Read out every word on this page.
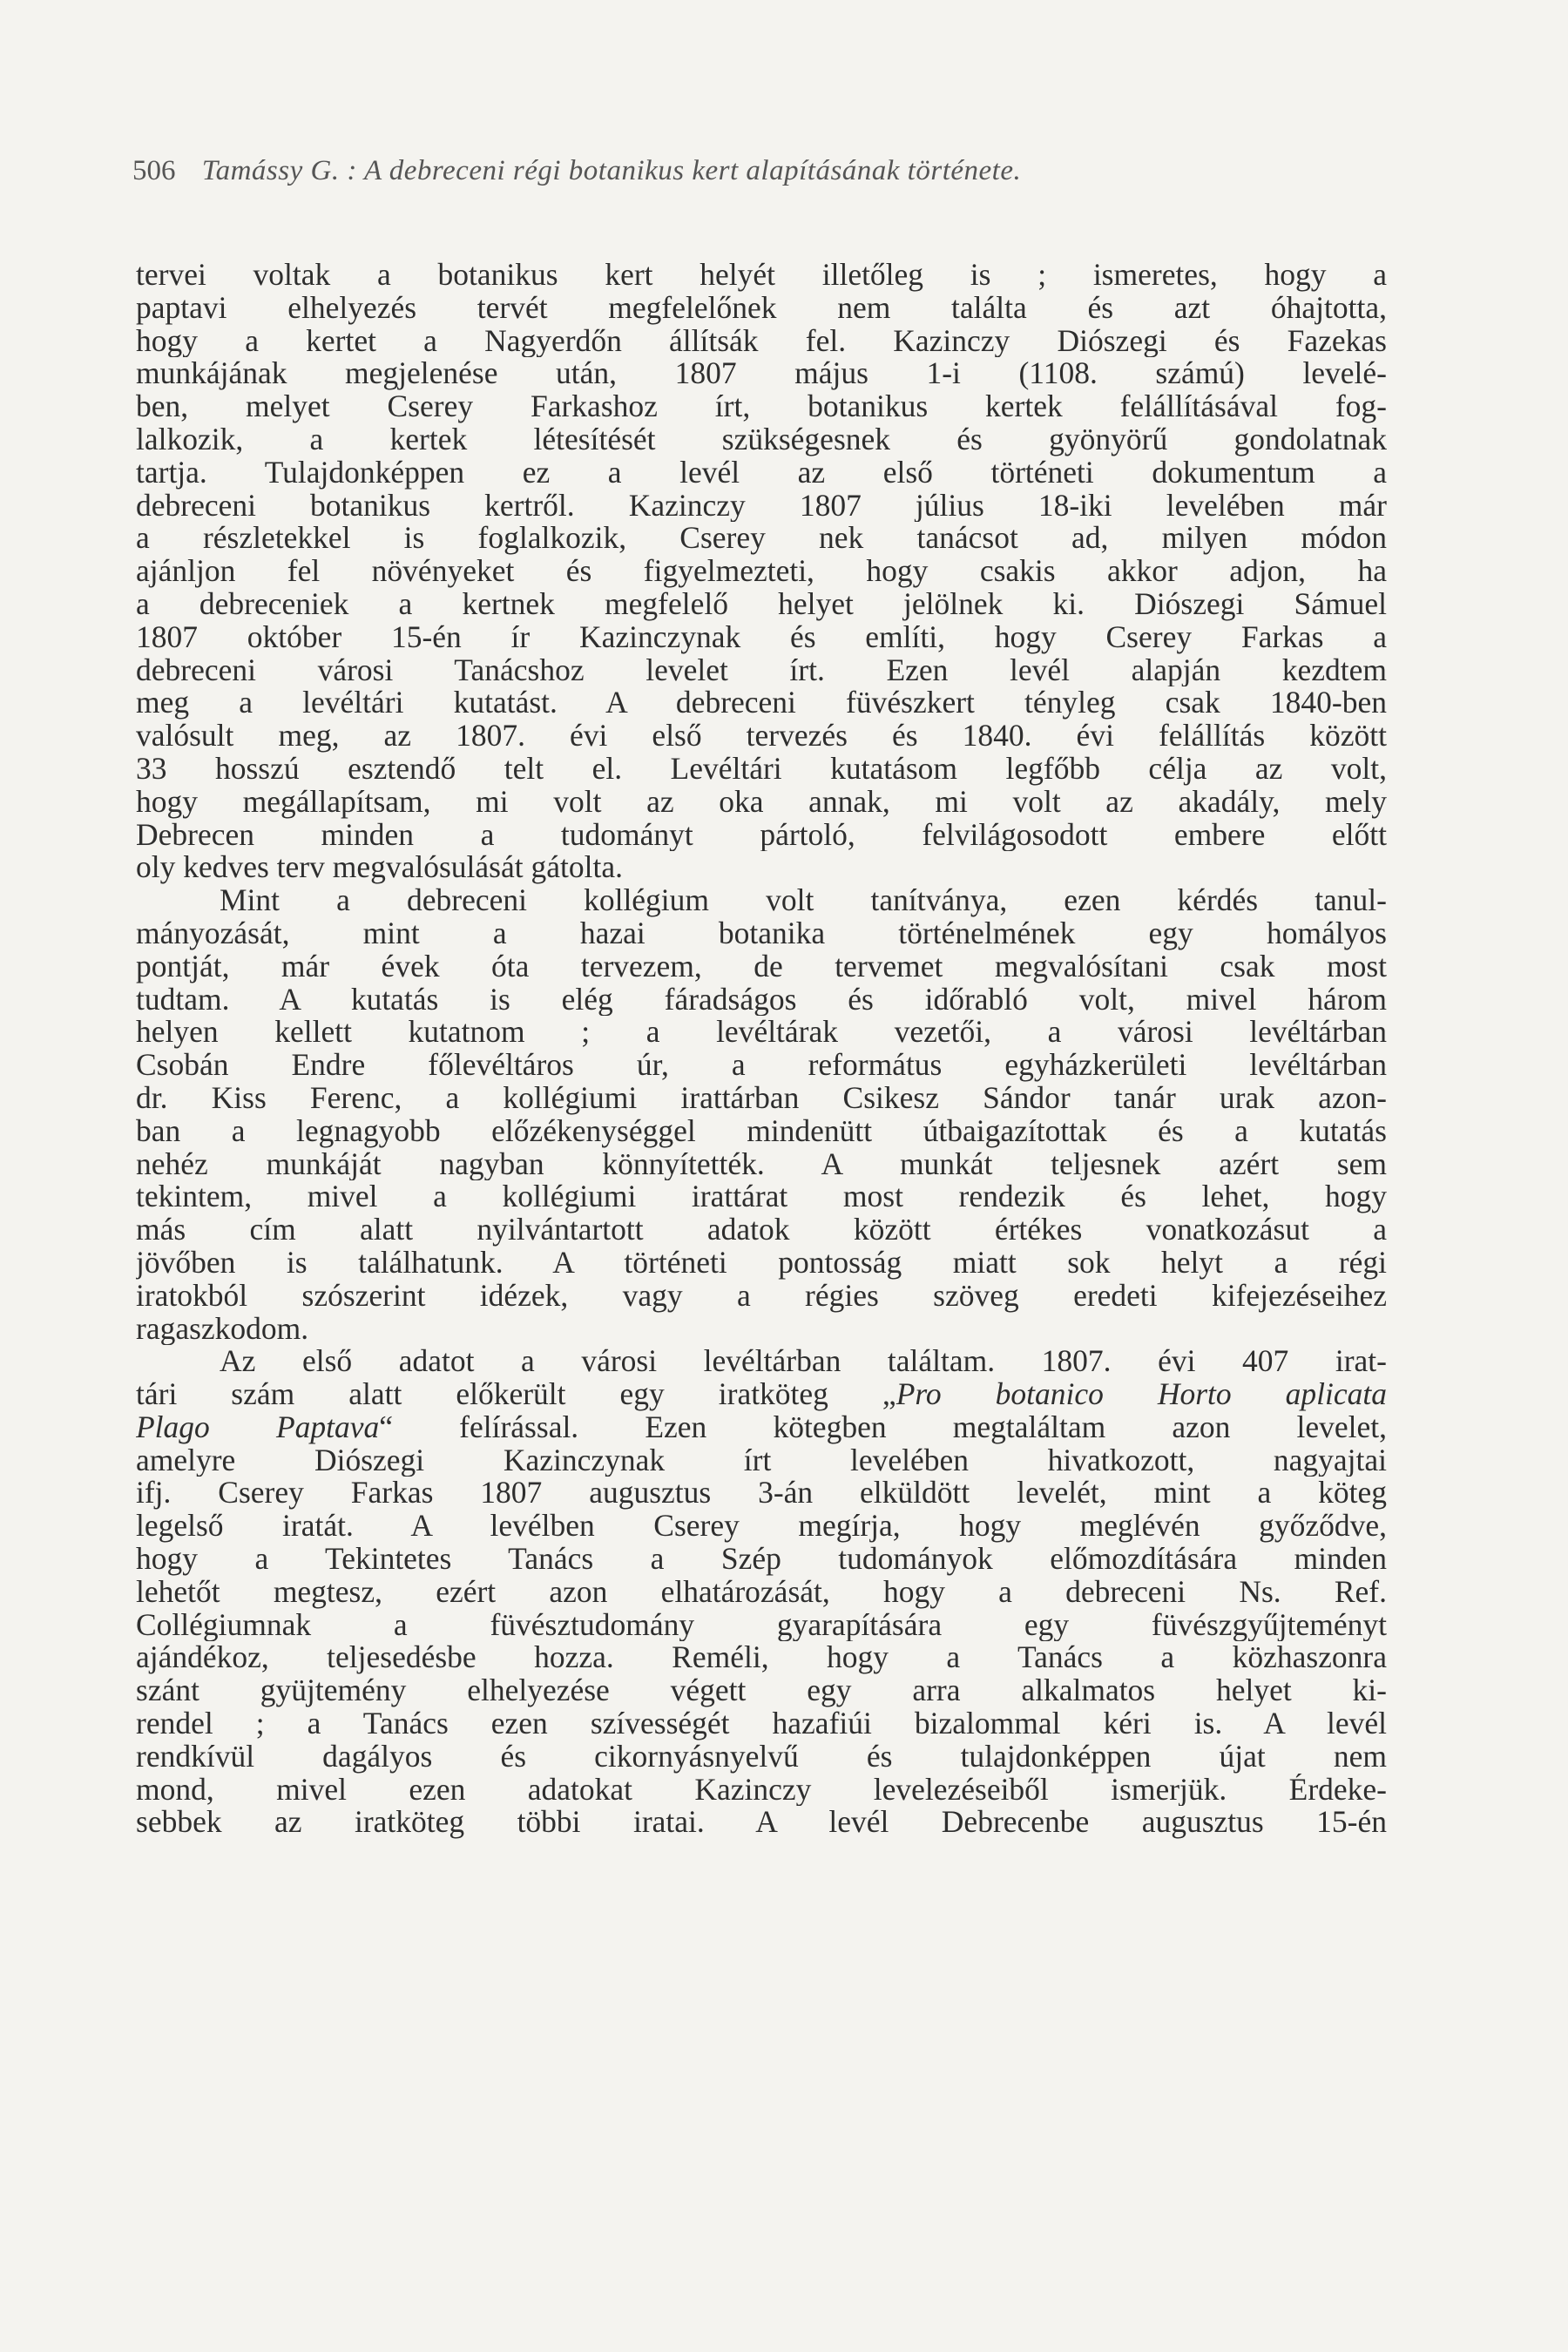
506 Tamássy G. : A debreceni régi botanikus kert alapításának története.
tervei voltak a botanikus kert helyét illetőleg is ; ismeretes, hogy a
paptavi elhelyezés tervét megfelelőnek nem találta és azt óhajtotta,
hogy a kertet a Nagyerdőn állítsák fel. Kazinczy Diószegi és Fazekas
munkájának megjelenése után, 1807 május 1-i (1108. számú) levelé-
ben, melyet Cserey Farkashoz írt, botanikus kertek felállításával fog-
lalkozik, a kertek létesítését szükségesnek és gyönyörű gondolatnak
tartja. Tulajdonképpen ez a levél az első történeti dokumentum a
debreceni botanikus kertről. Kazinczy 1807 július 18-iki levelében már
a részletekkel is foglalkozik, Cserey nek tanácsot ad, milyen módon
ajánljon fel növényeket és figyelmezteti, hogy csakis akkor adjon, ha
a debreceniek a kertnek megfelelő helyet jelölnek ki. Diószegi Sámuel
1807 október 15-én ír Kazinczynak és említi, hogy Cserey Farkas a
debreceni városi Tanácshoz levelet írt. Ezen levél alapján kezdtem
meg a levéltári kutatást. A debreceni füvészkert tényleg csak 1840-ben
valósult meg, az 1807. évi első tervezés és 1840. évi felállítás között
33 hosszú esztendő telt el. Levéltári kutatásom legfőbb célja az volt,
hogy megállapítsam, mi volt az oka annak, mi volt az akadály, mely
Debrecen minden a tudományt pártoló, felvilágosodott embere előtt
oly kedves terv megvalósulását gátolta.
Mint a debreceni kollégium volt tanítványa, ezen kérdés tanul-
mányozását, mint a hazai botanika történelmének egy homályos
pontját, már évek óta tervezem, de tervemet megvalósítani csak most
tudtam. A kutatás is elég fáradságos és időrabló volt, mivel három
helyen kellett kutatnom ; a levéltárak vezetői, a városi levéltárban
Csobán Endre főlevéltáros úr, a református egyházkerületi levéltárban
dr. Kiss Ferenc, a kollégiumi irattárban Csikesz Sándor tanár urak azon-
ban a legnagyobb előzékenységgel mindenütt útbaigazítottak és a kutatás
nehéz munkáját nagyban könnyítették. A munkát teljesnek azért sem
tekintem, mivel a kollégiumi irattárat most rendezik és lehet, hogy
más cím alatt nyilvántartott adatok között értékes vonatkozásut a
jövőben is találhatunk. A történeti pontosság miatt sok helyt a régi
iratokból szószerint idézek, vagy a régies szöveg eredeti kifejezéseihez
ragaszkodom.
Az első adatot a városi levéltárban találtam. 1807. évi 407 irat-
tári szám alatt előkerült egy iratköteg „Pro botanico Horto aplicata
Plago Paptava“ felírással. Ezen kötegben megtaláltam azon levelet,
amelyre Diószegi Kazinczynak írt levelében hivatkozott, nagyajtai
ifj. Cserey Farkas 1807 augusztus 3-án elküldött levelét, mint a köteg
legelső iratát. A levélben Cserey megírja, hogy meglévén győződve,
hogy a Tekintetes Tanács a Szép tudományok előmozdítására minden
lehetőt megtesz, ezért azon elhatározását, hogy a debreceni Ns. Ref.
Collégiumnak a füvésztudomány gyarapítására egy füvészgyűjteményt
ajándékoz, teljesedésbe hozza. Reméli, hogy a Tanács a közhaszonra
szánt gyüjtemény elhelyezése végett egy arra alkalmatos helyet ki-
rendel ; a Tanács ezen szívességét hazafiúi bizalommal kéri is. A levél
rendkívül dagályos és cikornyásnyelvű és tulajdonképpen újat nem
mond, mivel ezen adatokat Kazinczy levelezéseiből ismerjük. Érdeke-
sebbek az iratköteg többi iratai. A levél Debrecenbe augusztus 15-én
